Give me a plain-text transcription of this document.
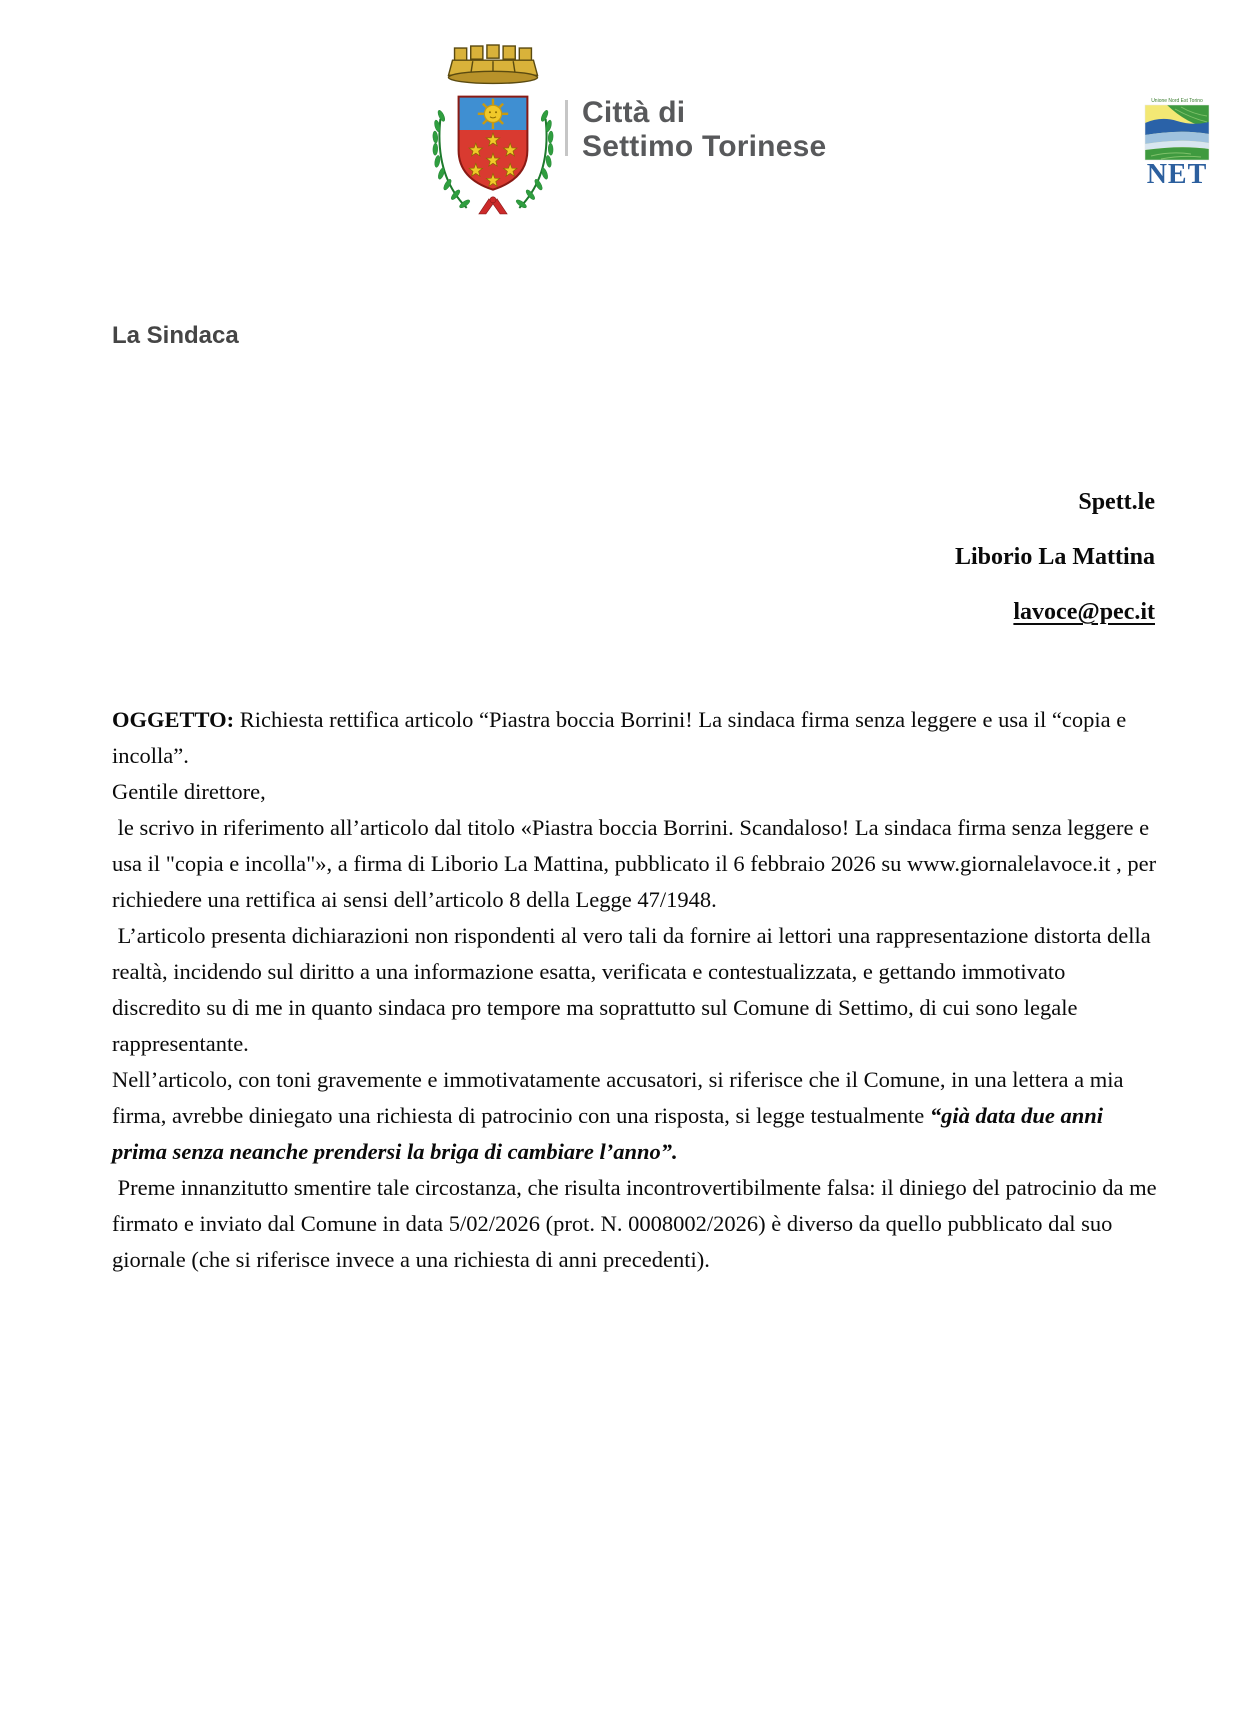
Città di
Settimo Torinese
Unione Nord Est Torino
NET
La Sindaca
Spett.le
Liborio La Mattina
lavoce@pec.it

OGGETTO: Richiesta rettifica articolo “Piastra boccia Borrini! La sindaca firma senza leggere e usa il “copia e incolla”.

Gentile direttore,

le scrivo in riferimento all’articolo dal titolo «Piastra boccia Borrini. Scandaloso! La sindaca firma senza leggere e usa il "copia e incolla"», a firma di Liborio La Mattina, pubblicato il 6 febbraio 2026 su www.giornalelavoce.it , per richiedere una rettifica ai sensi dell’articolo 8 della Legge 47/1948.

L’articolo presenta dichiarazioni non rispondenti al vero tali da fornire ai lettori una rappresentazione distorta della realtà, incidendo sul diritto a una informazione esatta, verificata e contestualizzata, e gettando immotivato discredito su di me in quanto sindaca pro tempore ma soprattutto sul Comune di Settimo, di cui sono legale rappresentante.

Nell’articolo, con toni gravemente e immotivatamente accusatori, si riferisce che il Comune, in una lettera a mia firma, avrebbe diniegato una richiesta di patrocinio con una risposta, si legge testualmente “già data due anni prima senza neanche prendersi la briga di cambiare l’anno”.

Preme innanzitutto smentire tale circostanza, che risulta incontrovertibilmente falsa: il diniego del patrocinio da me firmato e inviato dal Comune in data 5/02/2026 (prot. N. 0008002/2026) è diverso da quello pubblicato dal suo giornale (che si riferisce invece a una richiesta di anni precedenti).
